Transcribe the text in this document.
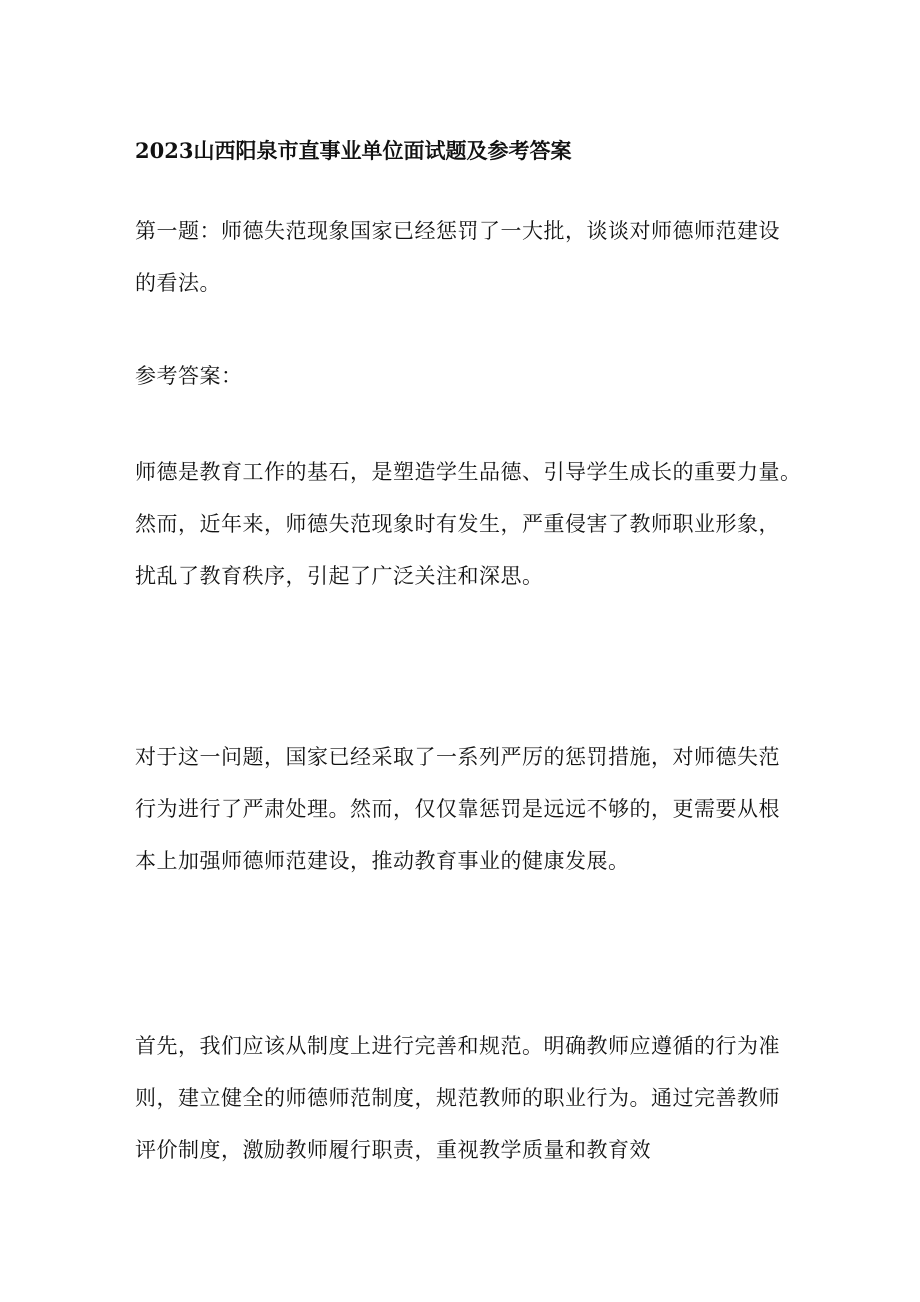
2023山西阳泉市直事业单位面试题及参考答案

第一题：师德失范现象国家已经惩罚了一大批，谈谈对师德师范建设
的看法。

参考答案：

师德是教育工作的基石，是塑造学生品德、引导学生成长的重要力量。
然而，近年来，师德失范现象时有发生，严重侵害了教师职业形象，
扰乱了教育秩序，引起了广泛关注和深思。

对于这一问题，国家已经采取了一系列严厉的惩罚措施，对师德失范
行为进行了严肃处理。然而，仅仅靠惩罚是远远不够的，更需要从根
本上加强师德师范建设，推动教育事业的健康发展。

首先，我们应该从制度上进行完善和规范。明确教师应遵循的行为准
则，建立健全的师德师范制度，规范教师的职业行为。通过完善教师
评价制度，激励教师履行职责，重视教学质量和教育效
